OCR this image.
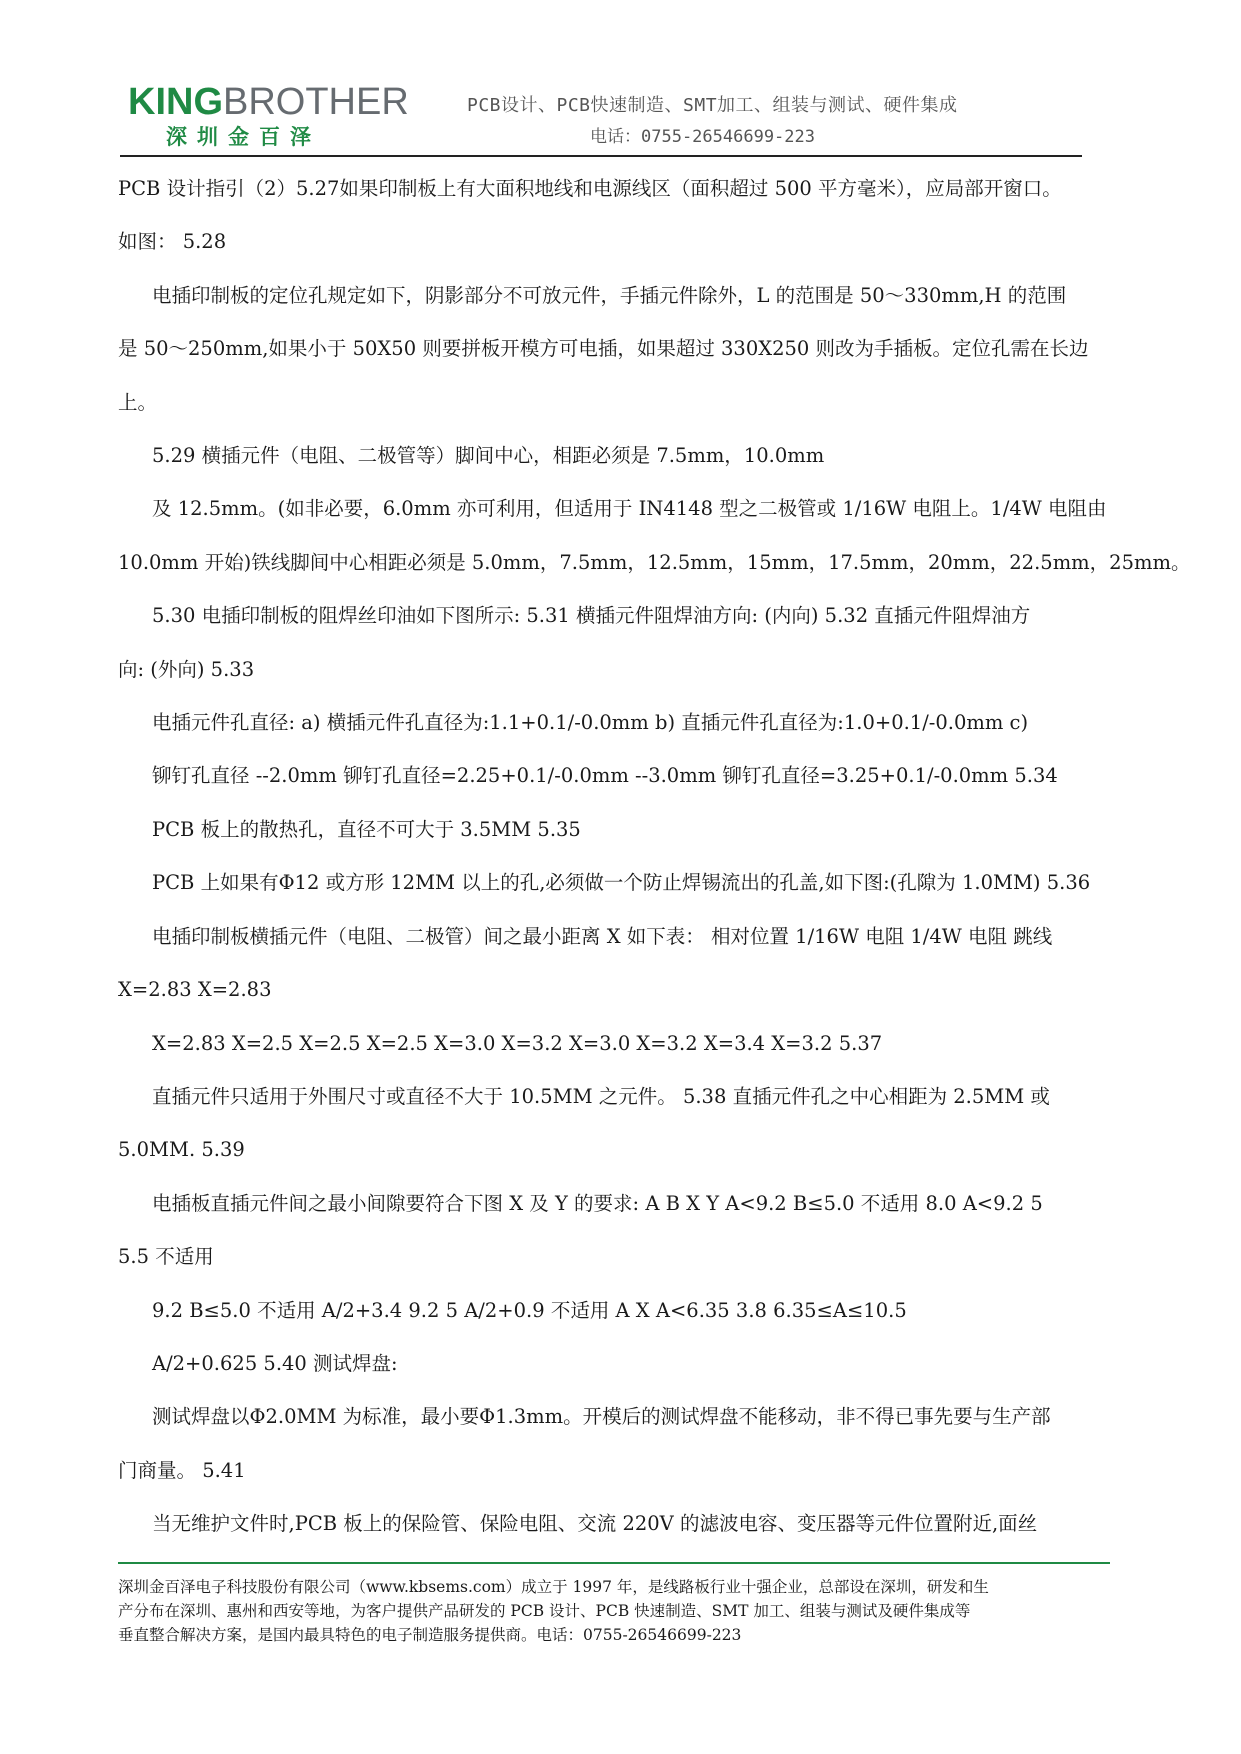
KINGBROTHER
深圳金百泽
PCB设计、PCB快速制造、SMT加工、组装与测试、硬件集成
电话：0755-26546699-223

PCB 设计指引（2）5.27如果印制板上有大面积地线和电源线区（面积超过 500 平方毫米），应局部开窗口。

如图： 5.28

电插印制板的定位孔规定如下，阴影部分不可放元件，手插元件除外，L 的范围是 50～330mm,H 的范围

是 50～250mm,如果小于 50X50 则要拼板开模方可电插，如果超过 330X250 则改为手插板。定位孔需在长边

上。

5.29 横插元件（电阻、二极管等）脚间中心，相距必须是 7.5mm，10.0mm

及 12.5mm。(如非必要，6.0mm 亦可利用，但适用于 IN4148 型之二极管或 1/16W 电阻上。1/4W 电阻由

10.0mm 开始)铁线脚间中心相距必须是 5.0mm，7.5mm，12.5mm，15mm，17.5mm，20mm，22.5mm，25mm。

5.30 电插印制板的阻焊丝印油如下图所示: 5.31 横插元件阻焊油方向: (内向) 5.32 直插元件阻焊油方

向: (外向) 5.33

电插元件孔直径: a) 横插元件孔直径为:1.1+0.1/-0.0mm b) 直插元件孔直径为:1.0+0.1/-0.0mm c)

铆钉孔直径 --2.0mm 铆钉孔直径=2.25+0.1/-0.0mm --3.0mm 铆钉孔直径=3.25+0.1/-0.0mm 5.34

PCB 板上的散热孔，直径不可大于 3.5MM 5.35

PCB 上如果有Φ12 或方形 12MM 以上的孔,必须做一个防止焊锡流出的孔盖,如下图:(孔隙为 1.0MM) 5.36

电插印制板横插元件（电阻、二极管）间之最小距离 X 如下表： 相对位置 1/16W 电阻 1/4W 电阻 跳线

X=2.83 X=2.83

X=2.83 X=2.5 X=2.5 X=2.5 X=3.0 X=3.2 X=3.0 X=3.2 X=3.4 X=3.2 5.37

直插元件只适用于外围尺寸或直径不大于 10.5MM 之元件。 5.38 直插元件孔之中心相距为 2.5MM 或

5.0MM. 5.39

电插板直插元件间之最小间隙要符合下图 X 及 Y 的要求: A B X Y A<9.2 B≤5.0 不适用 8.0 A<9.2 5

5.5 不适用

9.2 B≤5.0 不适用 A/2+3.4 9.2 5 A/2+0.9 不适用 A X A<6.35 3.8 6.35≤A≤10.5

A/2+0.625 5.40 测试焊盘:

测试焊盘以Φ2.0MM 为标准，最小要Φ1.3mm。开模后的测试焊盘不能移动，非不得已事先要与生产部

门商量。 5.41

当无维护文件时,PCB 板上的保险管、保险电阻、交流 220V 的滤波电容、变压器等元件位置附近,面丝

深圳金百泽电子科技股份有限公司（www.kbsems.com）成立于 1997 年，是线路板行业十强企业，总部设在深圳，研发和生
产分布在深圳、惠州和西安等地，为客户提供产品研发的 PCB 设计、PCB 快速制造、SMT 加工、组装与测试及硬件集成等
垂直整合解决方案，是国内最具特色的电子制造服务提供商。电话：0755-26546699-223
